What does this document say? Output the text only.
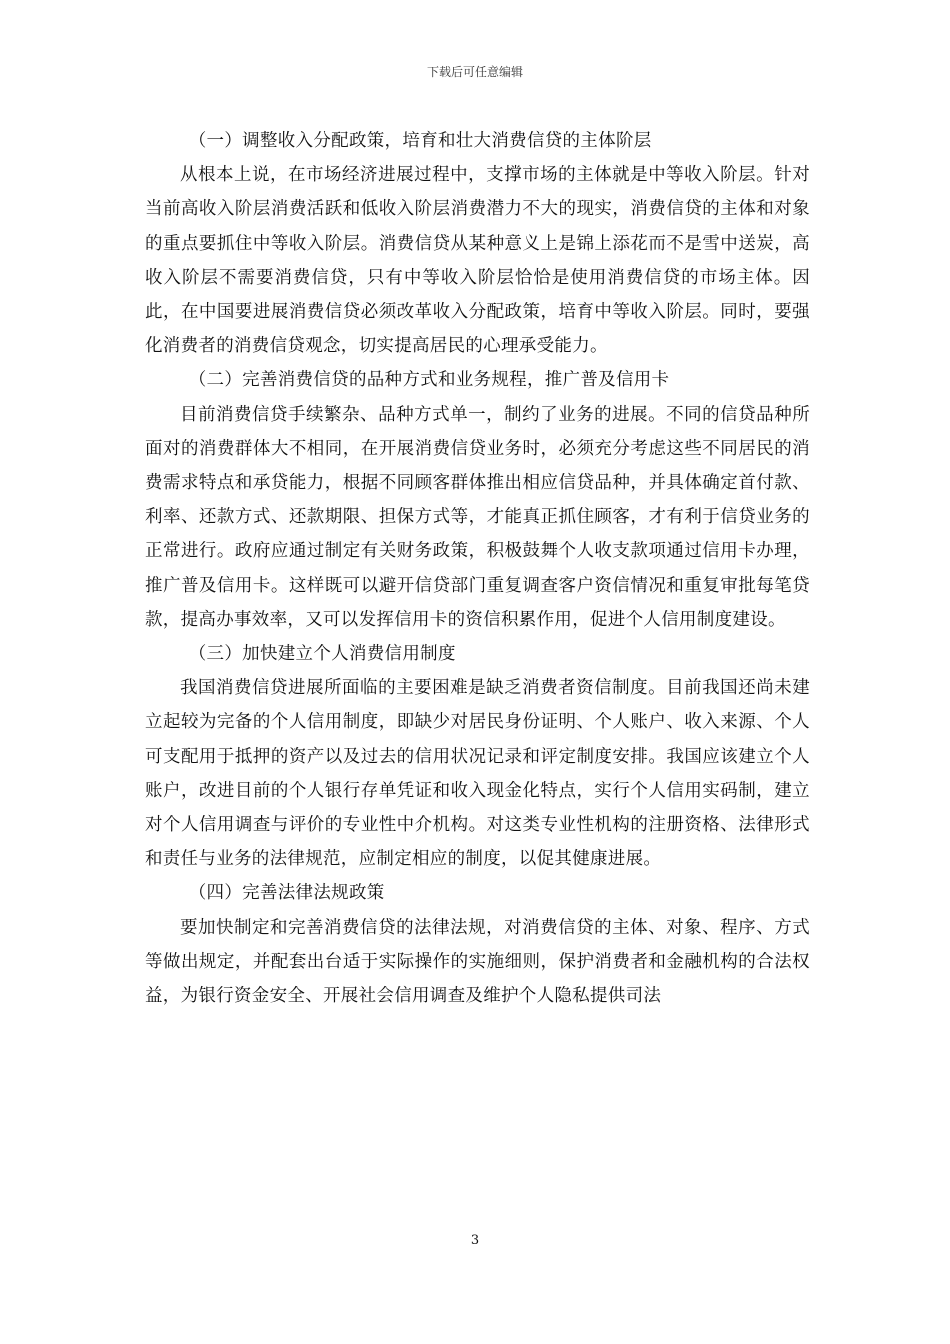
下载后可任意编辑

（一）调整收入分配政策，培育和壮大消费信贷的主体阶层

从根本上说，在市场经济进展过程中，支撑市场的主体就是中等收入阶层。针对当前高收入阶层消费活跃和低收入阶层消费潜力不大的现实，消费信贷的主体和对象的重点要抓住中等收入阶层。消费信贷从某种意义上是锦上添花而不是雪中送炭，高收入阶层不需要消费信贷，只有中等收入阶层恰恰是使用消费信贷的市场主体。因此，在中国要进展消费信贷必须改革收入分配政策，培育中等收入阶层。同时，要强化消费者的消费信贷观念，切实提高居民的心理承受能力。

（二）完善消费信贷的品种方式和业务规程，推广普及信用卡

目前消费信贷手续繁杂、品种方式单一，制约了业务的进展。不同的信贷品种所面对的消费群体大不相同，在开展消费信贷业务时，必须充分考虑这些不同居民的消费需求特点和承贷能力，根据不同顾客群体推出相应信贷品种，并具体确定首付款、利率、还款方式、还款期限、担保方式等，才能真正抓住顾客，才有利于信贷业务的正常进行。政府应通过制定有关财务政策，积极鼓舞个人收支款项通过信用卡办理，推广普及信用卡。这样既可以避开信贷部门重复调查客户资信情况和重复审批每笔贷款，提高办事效率，又可以发挥信用卡的资信积累作用，促进个人信用制度建设。

（三）加快建立个人消费信用制度

我国消费信贷进展所面临的主要困难是缺乏消费者资信制度。目前我国还尚未建立起较为完备的个人信用制度，即缺少对居民身份证明、个人账户、收入来源、个人可支配用于抵押的资产以及过去的信用状况记录和评定制度安排。我国应该建立个人账户，改进目前的个人银行存单凭证和收入现金化特点，实行个人信用实码制，建立对个人信用调查与评价的专业性中介机构。对这类专业性机构的注册资格、法律形式和责任与业务的法律规范，应制定相应的制度，以促其健康进展。

（四）完善法律法规政策

要加快制定和完善消费信贷的法律法规，对消费信贷的主体、对象、程序、方式等做出规定，并配套出台适于实际操作的实施细则，保护消费者和金融机构的合法权益，为银行资金安全、开展社会信用调查及维护个人隐私提供司法

3
